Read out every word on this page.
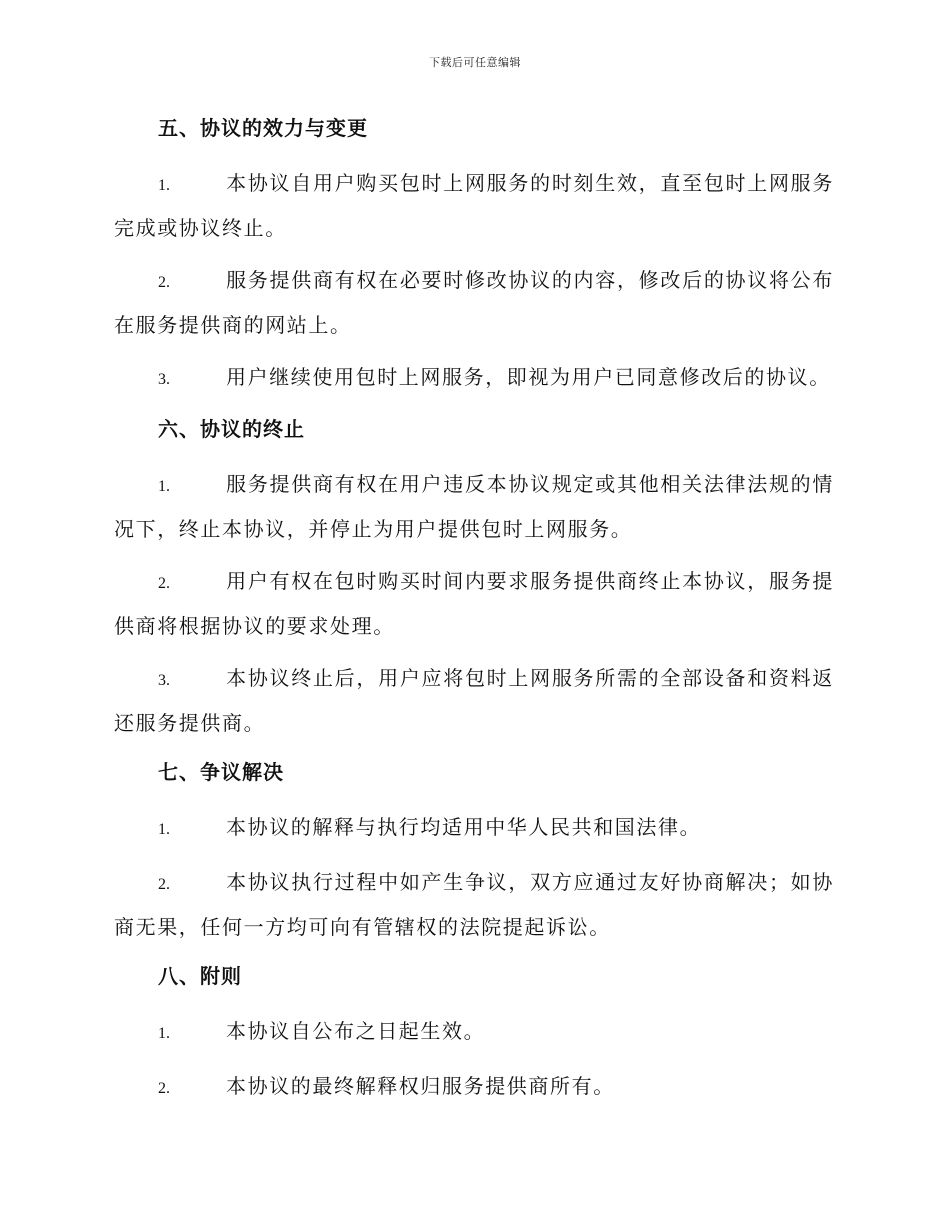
下载后可任意编辑
五、协议的效力与变更

1.	本协议自用户购买包时上网服务的时刻生效，直至包时上网服务完成或协议终止。

2.	服务提供商有权在必要时修改协议的内容，修改后的协议将公布在服务提供商的网站上。

3.	用户继续使用包时上网服务，即视为用户已同意修改后的协议。

六、协议的终止

1.	服务提供商有权在用户违反本协议规定或其他相关法律法规的情况下，终止本协议，并停止为用户提供包时上网服务。

2.	用户有权在包时购买时间内要求服务提供商终止本协议，服务提供商将根据协议的要求处理。

3.	本协议终止后，用户应将包时上网服务所需的全部设备和资料返还服务提供商。

七、争议解决

1.	本协议的解释与执行均适用中华人民共和国法律。

2.	本协议执行过程中如产生争议，双方应通过友好协商解决；如协商无果，任何一方均可向有管辖权的法院提起诉讼。

八、附则

1.	本协议自公布之日起生效。

2.	本协议的最终解释权归服务提供商所有。
